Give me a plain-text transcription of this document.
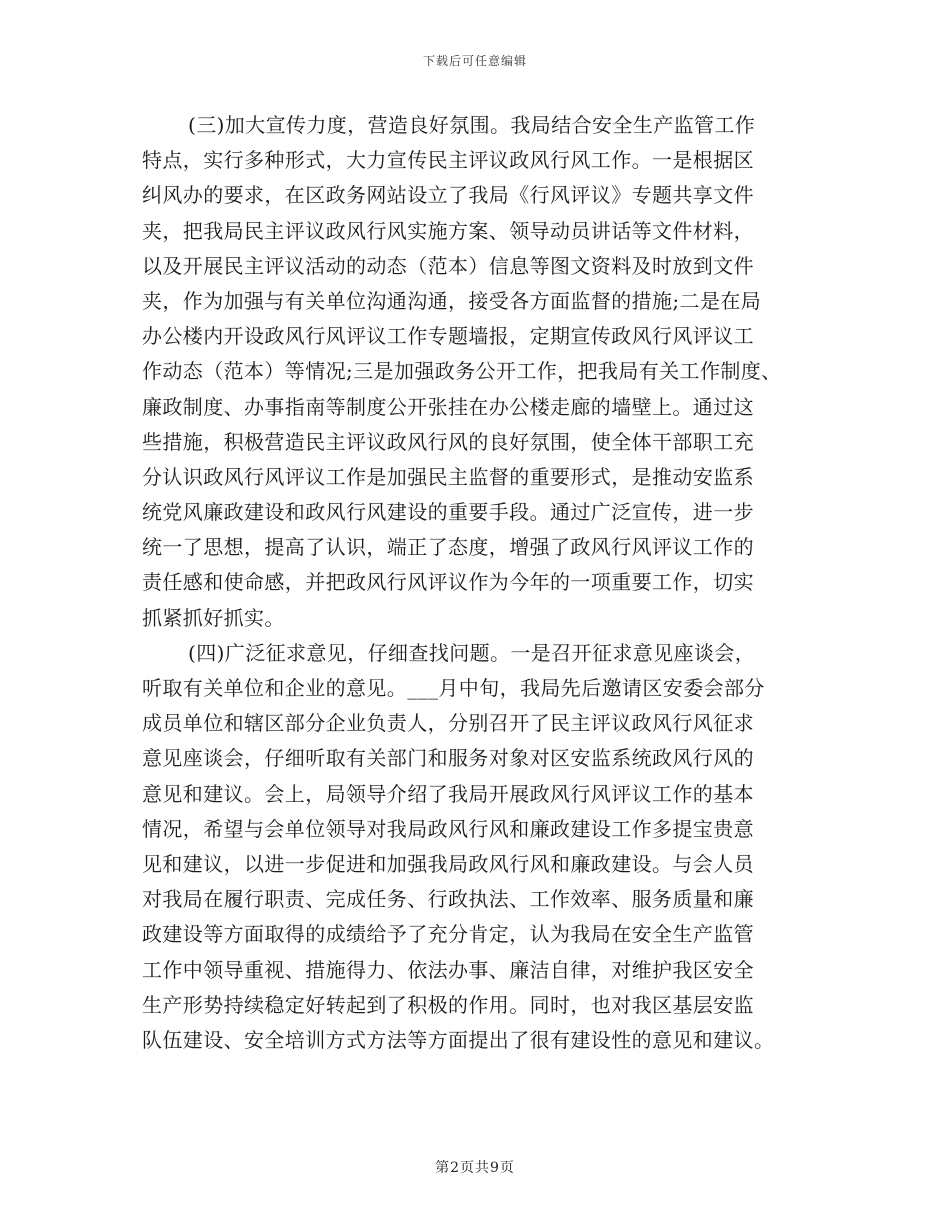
下载后可任意编辑
(三)加大宣传力度，营造良好氛围。我局结合安全生产监管工作
特点，实行多种形式，大力宣传民主评议政风行风工作。一是根据区
纠风办的要求，在区政务网站设立了我局《行风评议》专题共享文件
夹，把我局民主评议政风行风实施方案、领导动员讲话等文件材料，
以及开展民主评议活动的动态（范本）信息等图文资料及时放到文件
夹，作为加强与有关单位沟通沟通，接受各方面监督的措施;二是在局
办公楼内开设政风行风评议工作专题墙报，定期宣传政风行风评议工
作动态（范本）等情况;三是加强政务公开工作，把我局有关工作制度、
廉政制度、办事指南等制度公开张挂在办公楼走廊的墙壁上。通过这
些措施，积极营造民主评议政风行风的良好氛围，使全体干部职工充
分认识政风行风评议工作是加强民主监督的重要形式，是推动安监系
统党风廉政建设和政风行风建设的重要手段。通过广泛宣传，进一步
统一了思想，提高了认识，端正了态度，增强了政风行风评议工作的
责任感和使命感，并把政风行风评议作为今年的一项重要工作，切实
抓紧抓好抓实。
(四)广泛征求意见，仔细查找问题。一是召开征求意见座谈会，
听取有关单位和企业的意见。___月中旬，我局先后邀请区安委会部分
成员单位和辖区部分企业负责人，分别召开了民主评议政风行风征求
意见座谈会，仔细听取有关部门和服务对象对区安监系统政风行风的
意见和建议。会上，局领导介绍了我局开展政风行风评议工作的基本
情况，希望与会单位领导对我局政风行风和廉政建设工作多提宝贵意
见和建议，以进一步促进和加强我局政风行风和廉政建设。与会人员
对我局在履行职责、完成任务、行政执法、工作效率、服务质量和廉
政建设等方面取得的成绩给予了充分肯定，认为我局在安全生产监管
工作中领导重视、措施得力、依法办事、廉洁自律，对维护我区安全
生产形势持续稳定好转起到了积极的作用。同时，也对我区基层安监
队伍建设、安全培训方式方法等方面提出了很有建设性的意见和建议。
第2页共9页
